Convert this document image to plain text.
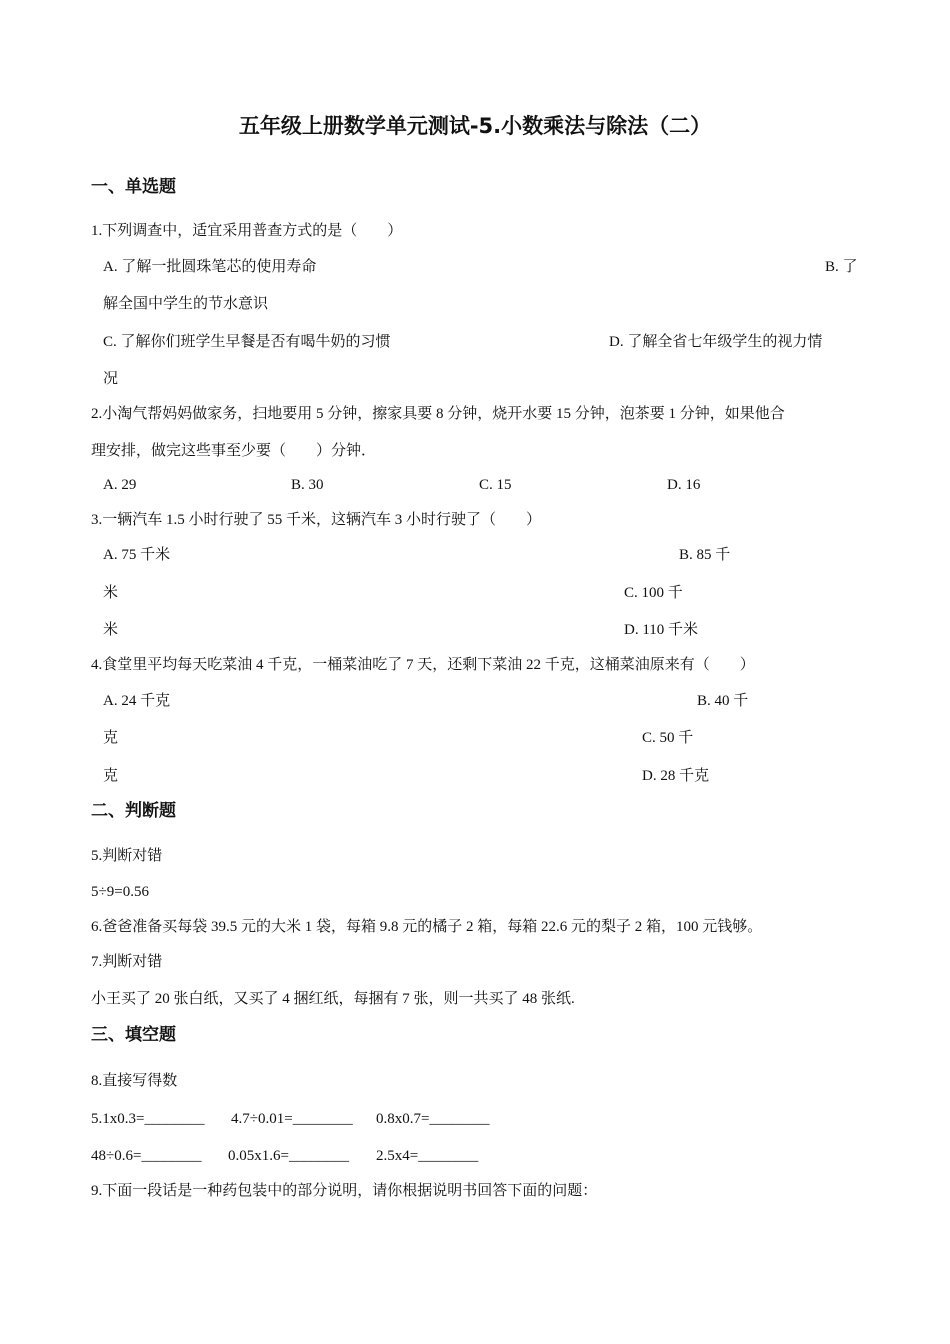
五年级上册数学单元测试-5.小数乘法与除法（二）
一、单选题
1.下列调查中，适宜采用普查方式的是（　　）
A. 了解一批圆珠笔芯的使用寿命	B. 了
解全国中学生的节水意识
C. 了解你们班学生早餐是否有喝牛奶的习惯	D. 了解全省七年级学生的视力情
况
2.小淘气帮妈妈做家务，扫地要用 5 分钟，擦家具要 8 分钟，烧开水要 15 分钟，泡茶要 1 分钟，如果他合
理安排，做完这些事至少要（　　）分钟．
A. 29	B. 30	C. 15	D. 16
3.一辆汽车 1.5 小时行驶了 55 千米，这辆汽车 3 小时行驶了（　　）
A. 75 千米	B. 85 千
米	C. 100 千
米	D. 110 千米
4.食堂里平均每天吃菜油 4 千克，一桶菜油吃了 7 天，还剩下菜油 22 千克，这桶菜油原来有（　　）
A. 24 千克	B. 40 千
克	C. 50 千
克	D. 28 千克
二、判断题
5.判断对错
5÷9=0.56
6.爸爸准备买每袋 39.5 元的大米 1 袋，每箱 9.8 元的橘子 2 箱，每箱 22.6 元的梨子 2 箱，100 元钱够。
7.判断对错
小王买了 20 张白纸，又买了 4 捆红纸，每捆有 7 张，则一共买了 48 张纸.
三、填空题
8.直接写得数
5.1x0.3=________ 4.7÷0.01=________ 0.8x0.7=________
48÷0.6=________ 0.05x1.6=________ 2.5x4=________
9.下面一段话是一种药包装中的部分说明，请你根据说明书回答下面的问题：
